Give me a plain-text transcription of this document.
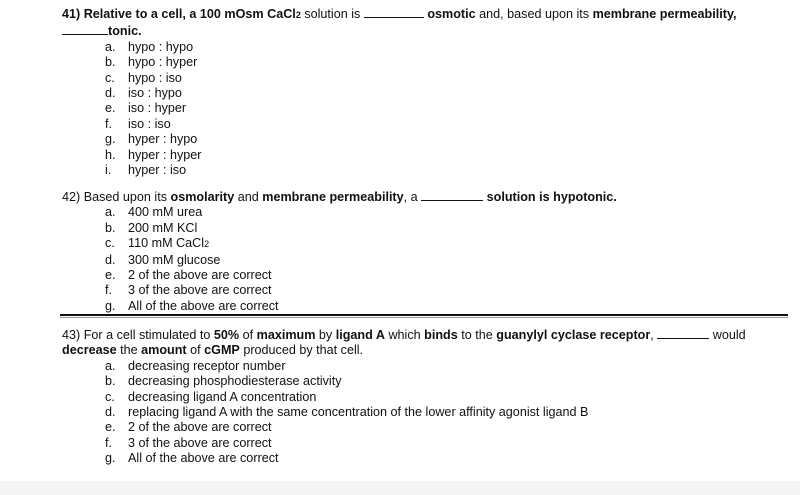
41) Relative to a cell, a 100 mOsm CaCl2 solution is	osmotic and, based upon its membrane permeability,
tonic.
a. hypo : hypo
b. hypo : hyper
c. hypo : iso
d. iso : hypo
e. iso : hyper
f. iso : iso
g. hyper : hypo
h. hyper : hyper
i. hyper : iso
42) Based upon its osmolarity and membrane permeability, a	solution is hypotonic.
a. 400 mM urea
b. 200 mM KCl
c. 110 mM CaCl2
d. 300 mM glucose
e. 2 of the above are correct
f. 3 of the above are correct
g. All of the above are correct
43) For a cell stimulated to 50% of maximum by ligand A which binds to the guanylyl cyclase receptor,	would
decrease the amount of cGMP produced by that cell.
a. decreasing receptor number
b. decreasing phosphodiesterase activity
c. decreasing ligand A concentration
d. replacing ligand A with the same concentration of the lower affinity agonist ligand B
e. 2 of the above are correct
f. 3 of the above are correct
g. All of the above are correct
